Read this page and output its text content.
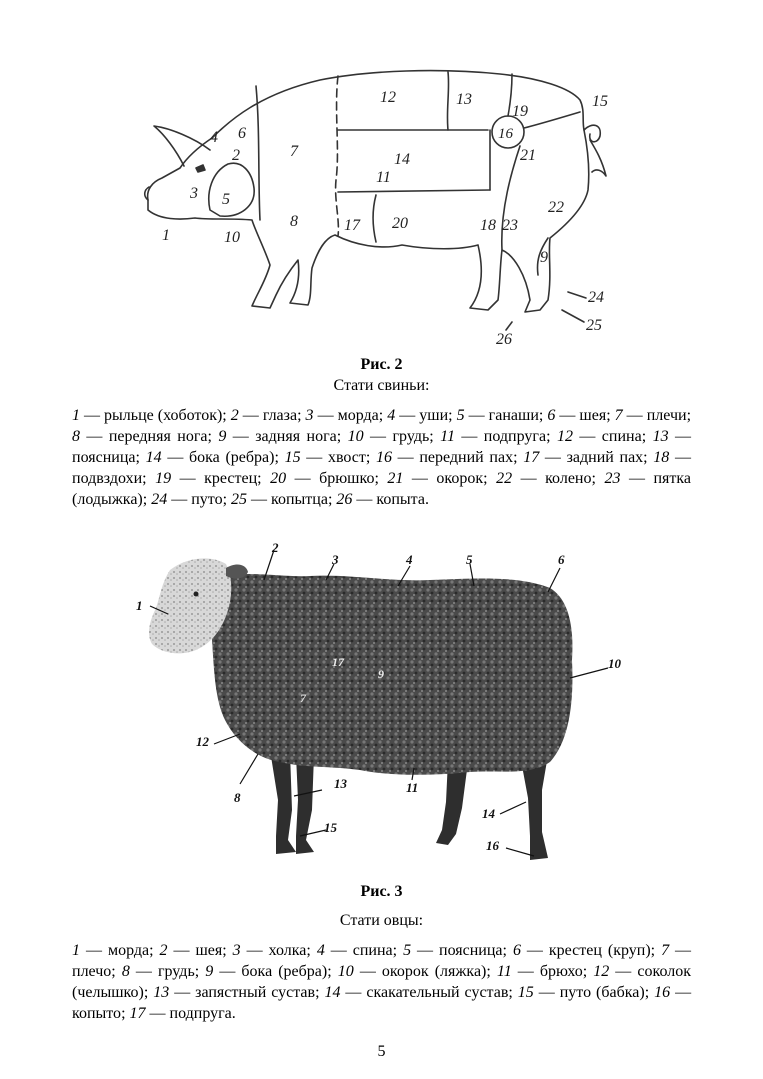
1
2
3
4
5
6
7
8
9
10
11
12	13
14
15
16
17	18
19
20
21
22
23
24
25
26
Рис. 2
Стати свиньи:
1 — рыльце (хоботок); 2 — глаза; 3 — морда; 4 — уши; 5 — ганаши; 6 — шея; 7 — плечи; 8 — передняя нога; 9 — задняя нога; 10 — грудь; 11 — подпруга; 12 — спина; 13 — поясница; 14 — бока (ребра); 15 — хвост; 16 — передний пах; 17 — задний пах; 18 — подвздохи; 19 — крестец; 20 — брюшко; 21 — окорок; 22 — колено; 23 — пятка (лодыжка); 24 — путо; 25 — копытца; 26 — копыта.
1
2
3	4	5	6
7
8
9
10
11
12
13
14
15
16
17
Рис. 3
Стати овцы:
1 — морда; 2 — шея; 3 — холка; 4 — спина; 5 — поясница; 6 — крестец (круп); 7 — плечо; 8 — грудь; 9 — бока (ребра); 10 — окорок (ляжка); 11 — брюхо; 12 — соколок (челышко); 13 — запястный сустав; 14 — скакательный сустав; 15 — путо (бабка); 16 — копыто; 17 — подпруга.
5
